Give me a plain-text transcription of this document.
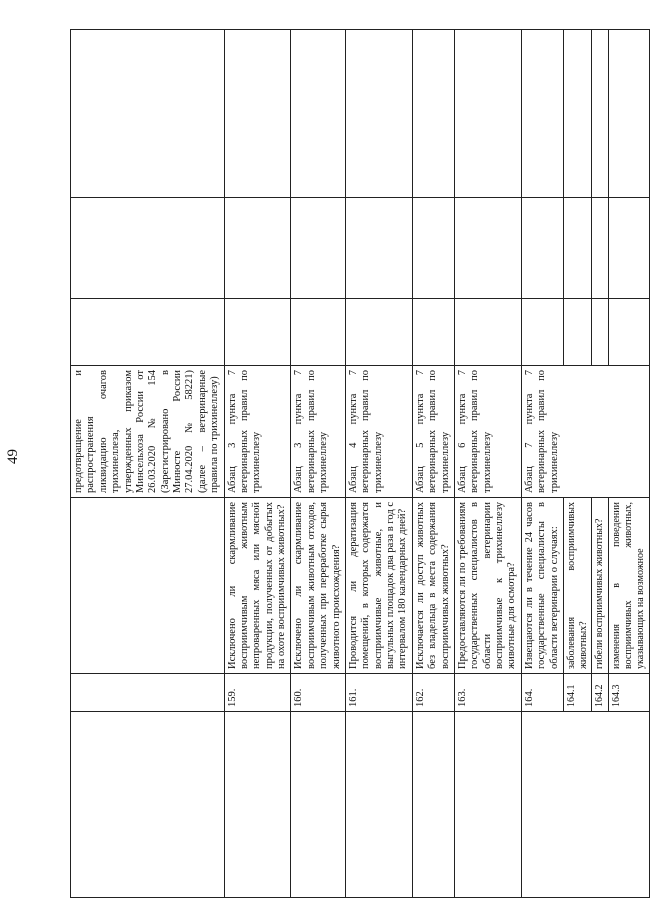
49
				предотвращение и распространения ликвидацию очагов трихинеллеза, утвержденных приказом Минсельхоза России от 26.03.2020 № 154 (Зарегистрировано в Минюсте России 27.04.2020 № 58221) (далее – ветеринарные правила по трихинеллезу)			
	159.	Исключено ли скармливание восприимчивым животным непроваренных мяса или мясной продукции, полученных от добытых на охоте восприимчивых животных?	Абзац 3 пункта 7 ветеринарных правил по трихинеллезу			
	160.	Исключено ли скармливание восприимчивым животным отходов, полученных при переработке сырья животного происхождения?	Абзац 3 пункта 7 ветеринарных правил по трихинеллезу			
	161.	Проводится ли дератизация помещений, в которых содержатся восприимчивые животные, и выгульных площадок два раза в год с интервалом 180 календарных дней?	Абзац 4 пункта 7 ветеринарных правил по трихинеллезу			
	162.	Исключается ли доступ животных без владельца в места содержания восприимчивых животных?	Абзац 5 пункта 7 ветеринарных правил по трихинеллезу			
	163.	Предоставляются ли по требованиям государственных специалистов в области ветеринарии восприимчивые к трихинеллезу животные для осмотра?	Абзац 6 пункта 7 ветеринарных правил по трихинеллезу			
	164.	Извещаются ли в течение 24 часов государственные специалисты в области ветеринарии о случаях:	Абзац 7 пункта 7 ветеринарных правил по трихинеллезу			
	164.1	заболевания восприимчивых животных?				
	164.2	гибели восприимчивых животных?				
	164.3	изменения в поведении восприимчивых животных, указывающих на возможное				
